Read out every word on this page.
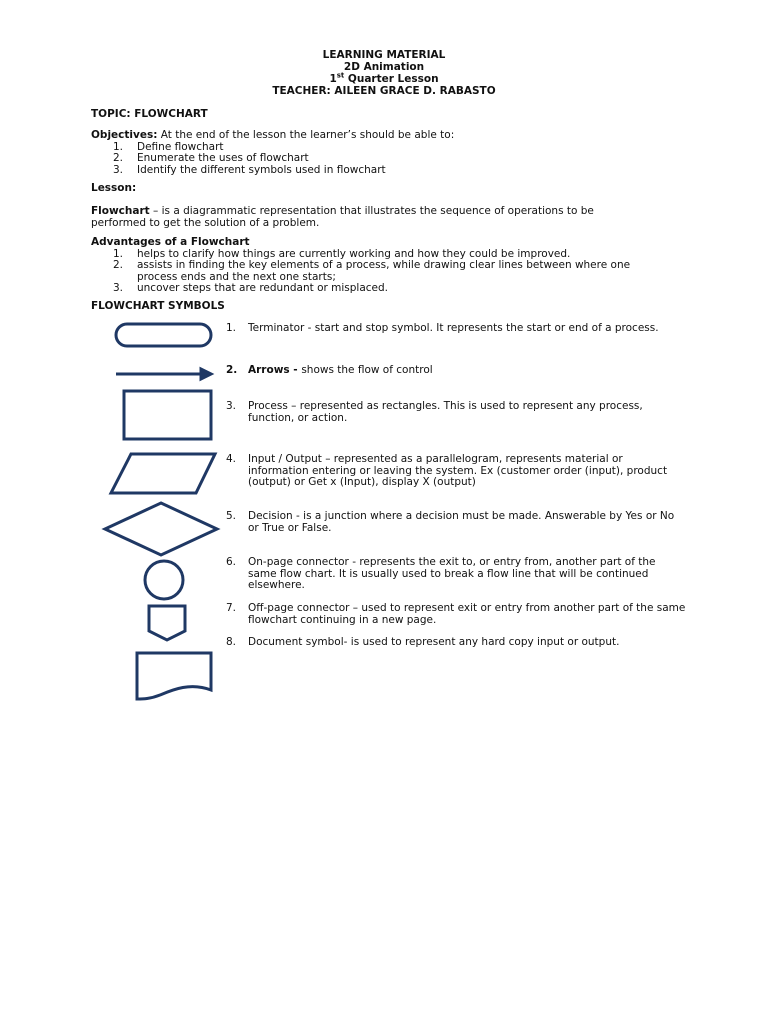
LEARNING MATERIAL
2D Animation
1st Quarter Lesson
TEACHER: AILEEN GRACE D. RABASTO
TOPIC: FLOWCHART
Objectives: At the end of the lesson the learner’s should be able to:
1. Define flowchart
2. Enumerate the uses of flowchart
3. Identify the different symbols used in flowchart
Lesson:
Flowchart – is a diagrammatic representation that illustrates the sequence of operations to be performed to get the solution of a problem.
Advantages of a Flowchart
1. helps to clarify how things are currently working and how they could be improved.
2. assists in finding the key elements of a process, while drawing clear lines between where one process ends and the next one starts;
3. uncover steps that are redundant or misplaced.
FLOWCHART SYMBOLS
1. Terminator - start and stop symbol. It represents the start or end of a process.
2. Arrows - shows the flow of control
3. Process – represented as rectangles. This is used to represent any process, function, or action.
4. Input / Output – represented as a parallelogram, represents material or information entering or leaving the system. Ex (customer order (input), product (output) or Get x (Input), display X (output)
5. Decision - is a junction where a decision must be made. Answerable by Yes or No or True or False.
6. On-page connector - represents the exit to, or entry from, another part of the same flow chart. It is usually used to break a flow line that will be continued elsewhere.
7. Off-page connector – used to represent exit or entry from another part of the same flowchart continuing in a new page.
8. Document symbol- is used to represent any hard copy input or output.
